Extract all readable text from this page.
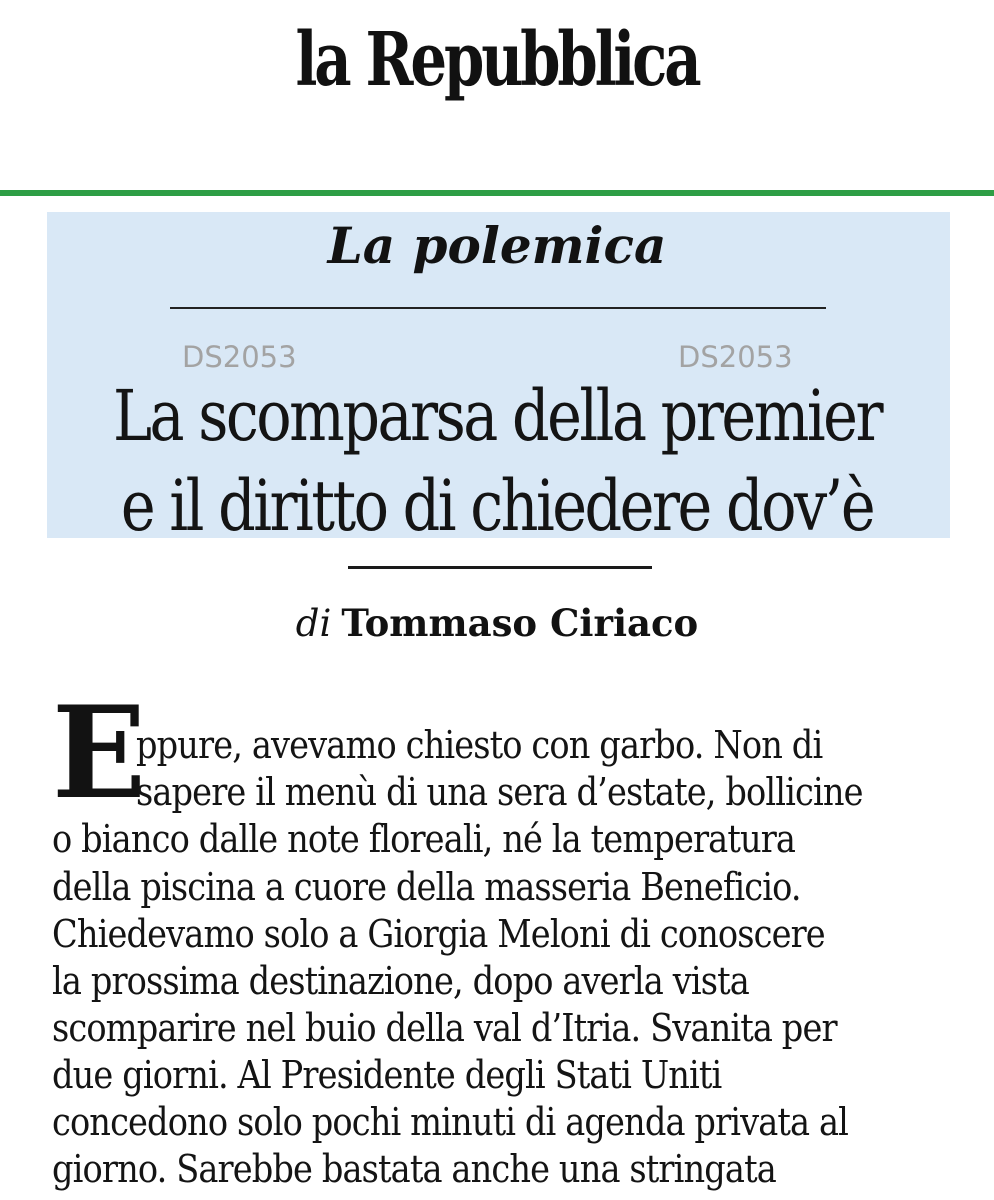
la Repubblica
La polemica
DS2053	DS2053
La scomparsa della premier
e il diritto di chiedere dov’è
di Tommaso Ciriaco
E
ppure, avevamo chiesto con garbo. Non di
sapere il menù di una sera d’estate, bollicine
o bianco dalle note floreali, né la temperatura
della piscina a cuore della masseria Beneficio.
Chiedevamo solo a Giorgia Meloni di conoscere
la prossima destinazione, dopo averla vista
scomparire nel buio della val d’Itria. Svanita per
due giorni. Al Presidente degli Stati Uniti
concedono solo pochi minuti di agenda privata al
giorno. Sarebbe bastata anche una stringata
